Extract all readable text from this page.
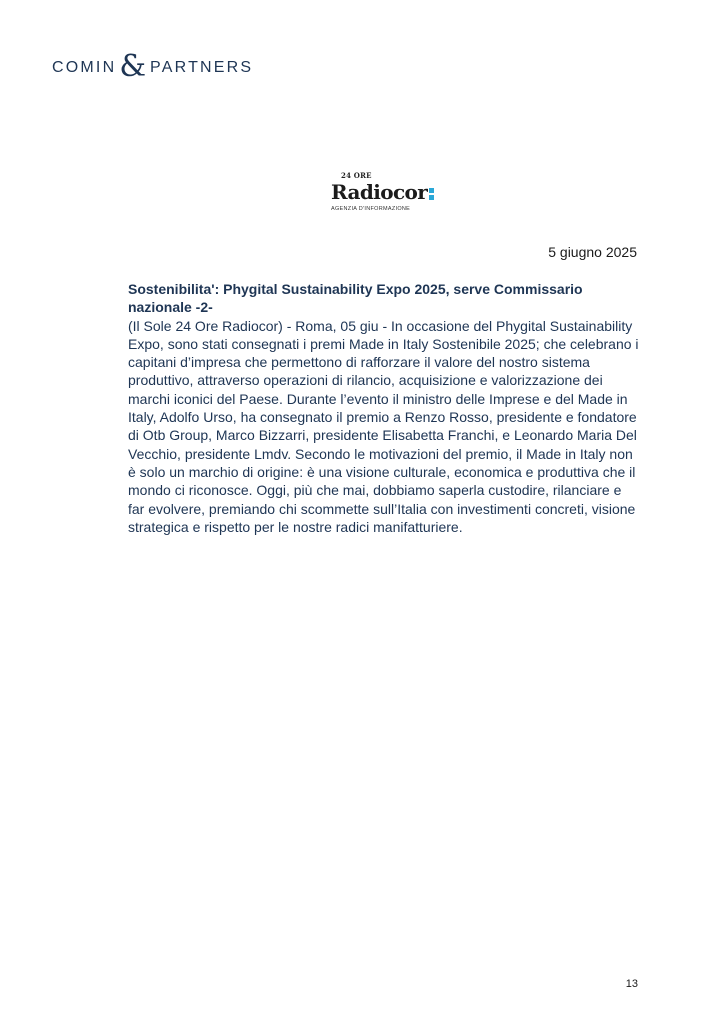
COMIN & PARTNERS
24 ORE
Radiocor
AGENZIA D'INFORMAZIONE
5 giugno 2025
Sostenibilita': Phygital Sustainability Expo 2025, serve Commissario nazionale -2-

(Il Sole 24 Ore Radiocor) - Roma, 05 giu - In occasione del Phygital Sustainability Expo, sono stati consegnati i premi Made in Italy Sostenibile 2025; che celebrano i capitani d’impresa che permettono di rafforzare il valore del nostro sistema produttivo, attraverso operazioni di rilancio, acquisizione e valorizzazione dei marchi iconici del Paese. Durante l’evento il ministro delle Imprese e del Made in Italy, Adolfo Urso, ha consegnato il premio a Renzo Rosso, presidente e fondatore di Otb Group, Marco Bizzarri, presidente Elisabetta Franchi, e Leonardo Maria Del Vecchio, presidente Lmdv. Secondo le motivazioni del premio, il Made in Italy non è solo un marchio di origine: è una visione culturale, economica e produttiva che il mondo ci riconosce. Oggi, più che mai, dobbiamo saperla custodire, rilanciare e far evolvere, premiando chi scommette sull’Italia con investimenti concreti, visione strategica e rispetto per le nostre radici manifatturiere.

13
